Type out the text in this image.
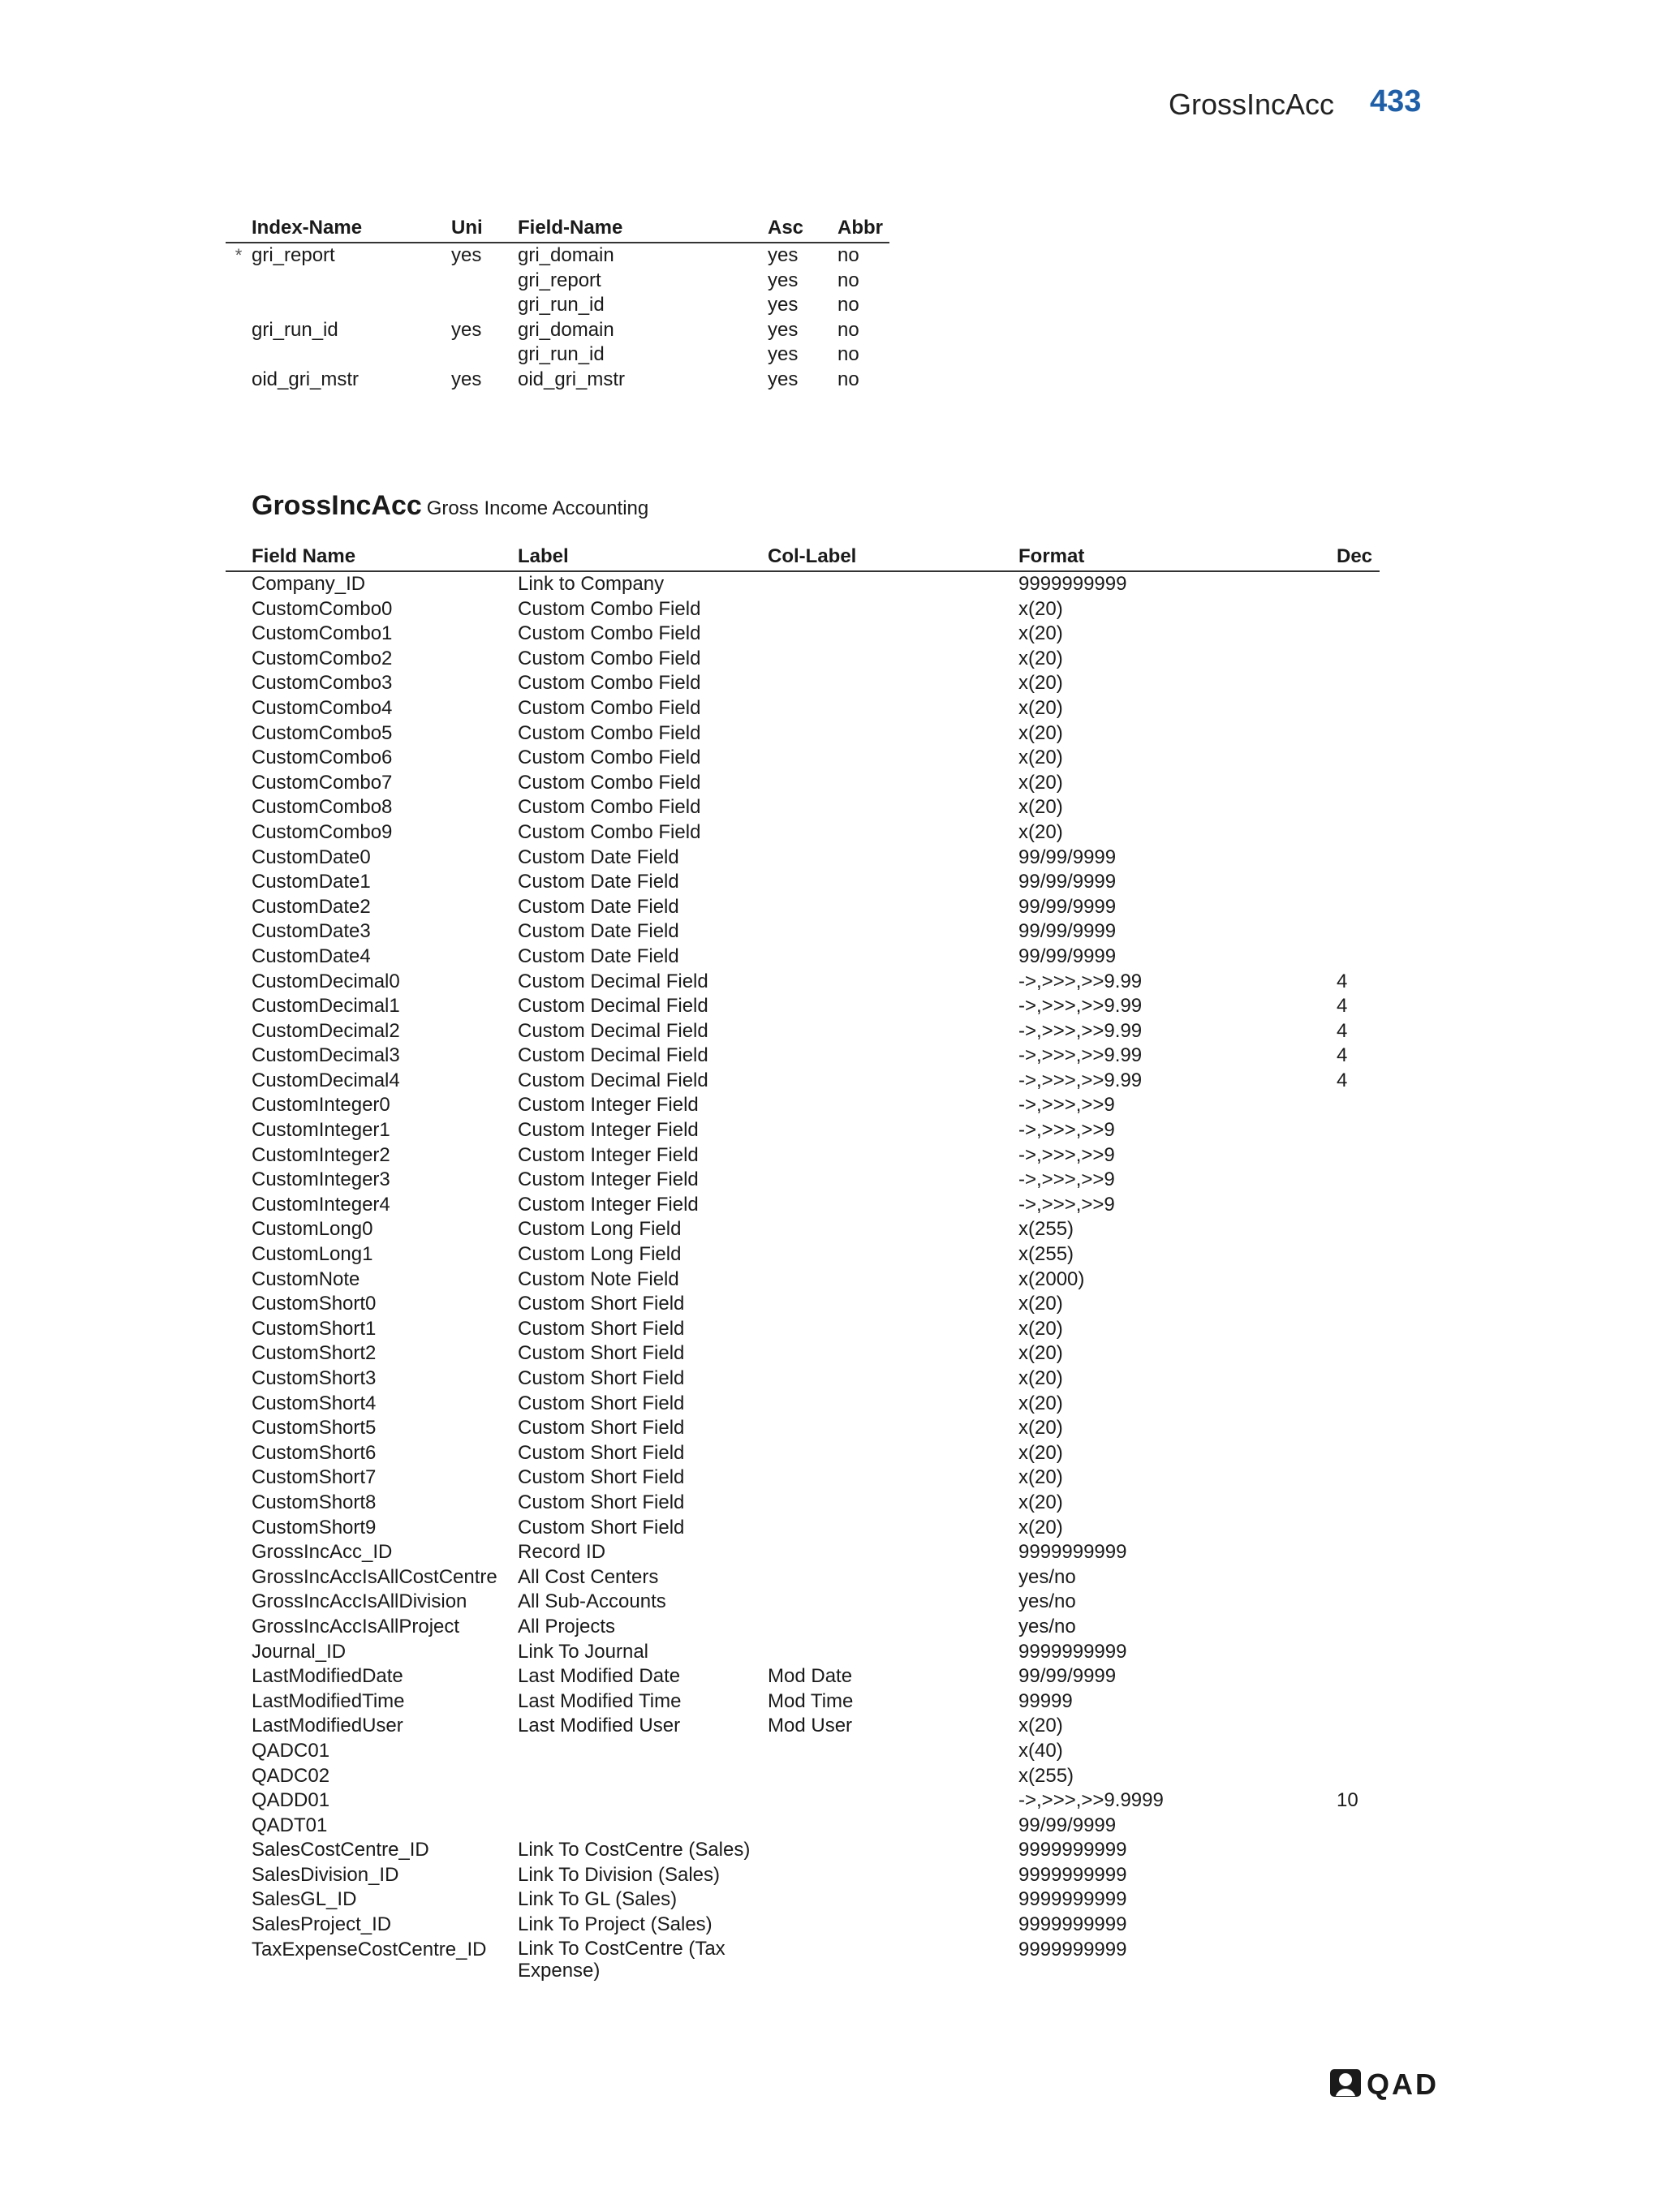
GrossIncAcc 433
	Index-Name	Uni	Field-Name	Asc	Abbr
*	gri_report	yes	gri_domain	yes	no
			gri_report	yes	no
			gri_run_id	yes	no
	gri_run_id	yes	gri_domain	yes	no
			gri_run_id	yes	no
	oid_gri_mstr	yes	oid_gri_mstr	yes	no
GrossIncAcc Gross Income Accounting
	Field Name	Label	Col-Label	Format	Dec
	Company_ID	Link to Company		9999999999	
	CustomCombo0	Custom Combo Field		x(20)	
	CustomCombo1	Custom Combo Field		x(20)	
	CustomCombo2	Custom Combo Field		x(20)	
	CustomCombo3	Custom Combo Field		x(20)	
	CustomCombo4	Custom Combo Field		x(20)	
	CustomCombo5	Custom Combo Field		x(20)	
	CustomCombo6	Custom Combo Field		x(20)	
	CustomCombo7	Custom Combo Field		x(20)	
	CustomCombo8	Custom Combo Field		x(20)	
	CustomCombo9	Custom Combo Field		x(20)	
	CustomDate0	Custom Date Field		99/99/9999	
	CustomDate1	Custom Date Field		99/99/9999	
	CustomDate2	Custom Date Field		99/99/9999	
	CustomDate3	Custom Date Field		99/99/9999	
	CustomDate4	Custom Date Field		99/99/9999	
	CustomDecimal0	Custom Decimal Field		->,>>>,>>9.99	4
	CustomDecimal1	Custom Decimal Field		->,>>>,>>9.99	4
	CustomDecimal2	Custom Decimal Field		->,>>>,>>9.99	4
	CustomDecimal3	Custom Decimal Field		->,>>>,>>9.99	4
	CustomDecimal4	Custom Decimal Field		->,>>>,>>9.99	4
	CustomInteger0	Custom Integer Field		->,>>>,>>9	
	CustomInteger1	Custom Integer Field		->,>>>,>>9	
	CustomInteger2	Custom Integer Field		->,>>>,>>9	
	CustomInteger3	Custom Integer Field		->,>>>,>>9	
	CustomInteger4	Custom Integer Field		->,>>>,>>9	
	CustomLong0	Custom Long Field		x(255)	
	CustomLong1	Custom Long Field		x(255)	
	CustomNote	Custom Note Field		x(2000)	
	CustomShort0	Custom Short Field		x(20)	
	CustomShort1	Custom Short Field		x(20)	
	CustomShort2	Custom Short Field		x(20)	
	CustomShort3	Custom Short Field		x(20)	
	CustomShort4	Custom Short Field		x(20)	
	CustomShort5	Custom Short Field		x(20)	
	CustomShort6	Custom Short Field		x(20)	
	CustomShort7	Custom Short Field		x(20)	
	CustomShort8	Custom Short Field		x(20)	
	CustomShort9	Custom Short Field		x(20)	
	GrossIncAcc_ID	Record ID		9999999999	
	GrossIncAccIsAllCostCentre	All Cost Centers		yes/no	
	GrossIncAccIsAllDivision	All Sub-Accounts		yes/no	
	GrossIncAccIsAllProject	All Projects		yes/no	
	Journal_ID	Link To Journal		9999999999	
	LastModifiedDate	Last Modified Date	Mod Date	99/99/9999	
	LastModifiedTime	Last Modified Time	Mod Time	99999	
	LastModifiedUser	Last Modified User	Mod User	x(20)	
	QADC01			x(40)	
	QADC02			x(255)	
	QADD01			->,>>>,>>9.9999	10
	QADT01			99/99/9999	
	SalesCostCentre_ID	Link To CostCentre (Sales)		9999999999	
	SalesDivision_ID	Link To Division (Sales)		9999999999	
	SalesGL_ID	Link To GL (Sales)		9999999999	
	SalesProject_ID	Link To Project (Sales)		9999999999	
	TaxExpenseCostCentre_ID	Link To CostCentre (Tax Expense)		9999999999	
QAD
